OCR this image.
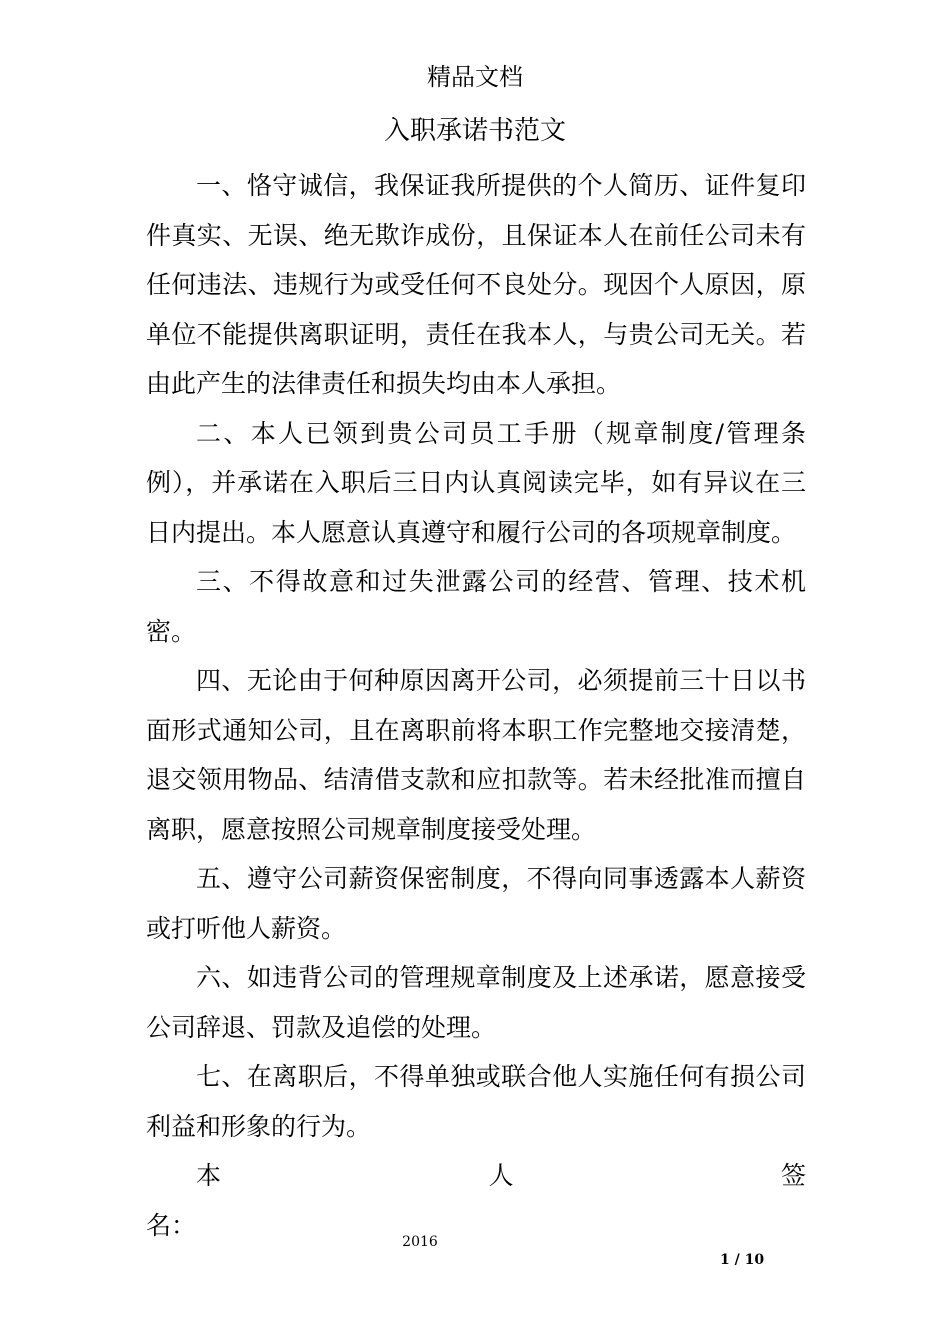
精品文档
入职承诺书范文

一、恪守诚信，我保证我所提供的个人简历、证件复印件真实、无误、绝无欺诈成份，且保证本人在前任公司未有任何违法、违规行为或受任何不良处分。现因个人原因，原单位不能提供离职证明，责任在我本人，与贵公司无关。若由此产生的法律责任和损失均由本人承担。

二、本人已领到贵公司员工手册（规章制度/管理条例），并承诺在入职后三日内认真阅读完毕，如有异议在三日内提出。本人愿意认真遵守和履行公司的各项规章制度。

三、不得故意和过失泄露公司的经营、管理、技术机密。

四、无论由于何种原因离开公司，必须提前三十日以书面形式通知公司，且在离职前将本职工作完整地交接清楚，退交领用物品、结清借支款和应扣款等。若未经批准而擅自离职，愿意按照公司规章制度接受处理。

五、遵守公司薪资保密制度，不得向同事透露本人薪资或打听他人薪资。

六、如违背公司的管理规章制度及上述承诺，愿意接受公司辞退、罚款及追偿的处理。

七、在离职后，不得单独或联合他人实施任何有损公司利益和形象的行为。

本	人	签

名：

2016
1 / 10
